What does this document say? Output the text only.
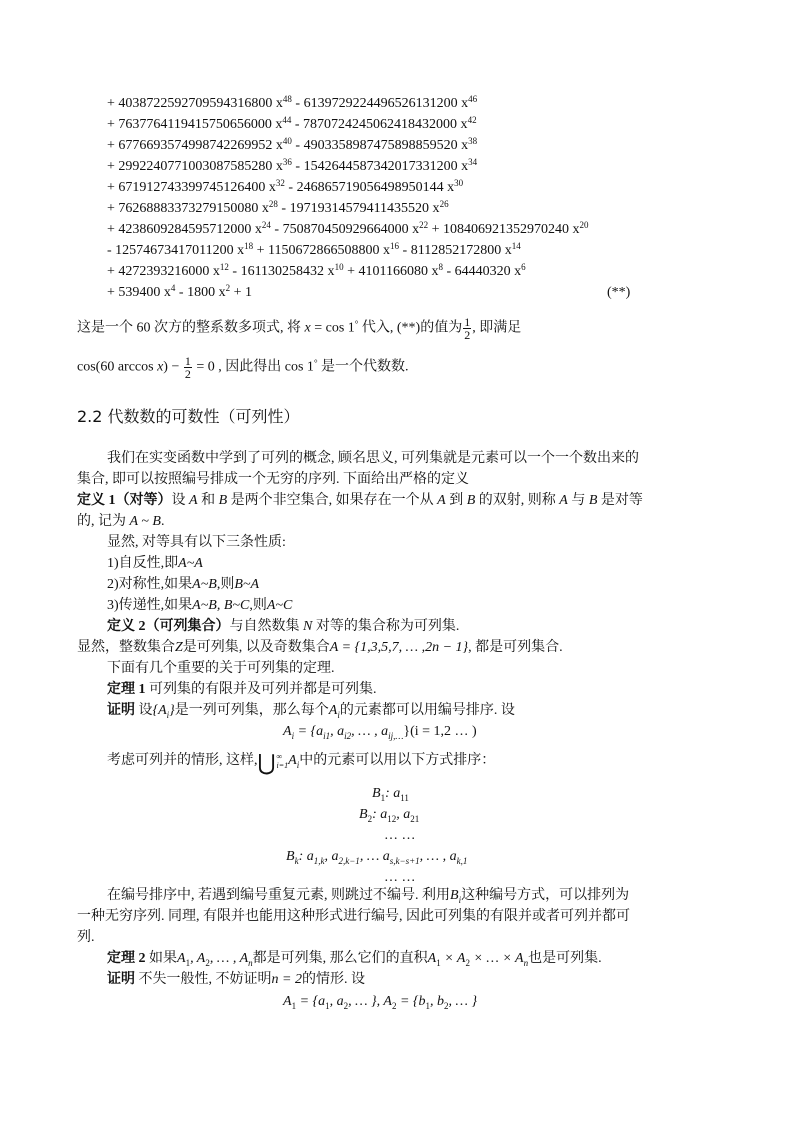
+ 4038722592709594316800 $x^{48} - 6139729224496526131200$ $x^{46}$
+ 7637764119415750656000 $x^{44} - 7870724245062418432000$ $x^{42}$
+ 6776693574998742269952 $x^{40} - 4903358987475898859520$ $x^{38}$
+ 2992240771003087585280 $x^{36} - 1542644587342017331200$ $x^{34}$
+ 671912743399745126400 $x^{32} - 246865719056498950144$ $x^{30}$
+ 76268883373279150080 $x^{28} - 19719314579411435520$ $x^{26}$
+ 4238609284595712000 $x^{24} - 750870450929664000$ $x^{22} + 108406921352970240$ $x^{20}$
- 12574673417011200 $x^{18} + 1150672866508800$ $x^{16} - 8112852172800$ $x^{14}$
+ 4272393216000 $x^{12} - 161130258432$ $x^{10} + 4101166080$ $x^8 - 64440320$ $x^6$
+ 539400 $x^4 - 1800$ $x^2 + 1$	(**)
这是一个 60 次方的整系数多项式, 将 x = cos 1° 代入, (**)的值为 $\frac{1}{2}$ , 即满足
cos(60 $\arccos x) - \frac{1}{2} = 0$ , 因此得出 cos 1° 是一个代数数.
2.2 代数数的可数性（可列性）
我们在实变函数中学到了可列的概念, 顾名思义, 可列集就是元素可以一个一个数出来的
集合, 即可以按照编号排成一个无穷的序列. 下面给出严格的定义
定义 1（对等）设 A 和 B 是两个非空集合, 如果存在一个从 A 到 B 的双射, 则称 A 与 B 是对等
的, 记为 A ~ B.
显然, 对等具有以下三条性质:
1)自反性,即A~A
2)对称性,如果A~B,则B~A
3)传递性,如果A~B, B~C,则A~C
定义 2（可列集合）与自然数集 N 对等的集合称为可列集.
显然，整数集合Z是可列集, 以及奇数集合A = {1,3,5,7, … ,2n − 1}, 都是可列集合.
下面有几个重要的关于可列集的定理.
定理 1 可列集的有限并及可列并都是可列集.
证明 设$\{A_i\}$是一列可列集，那么每个$A_i$的元素都可以用编号排序. 设
$A_i = \{a_{i1}$, $a_{i2}$, … , $a_{ij,\dots}\}(i = 1,2$ … )
考虑可列并的情形, 这样, ⋃ ∞
i=1 $A_i$中的元素可以用以下方式排序：
$B_1$: $a_{11}$
$B_2$: $a_{12}$, $a_{21}$
… …
$B_k$: $a_{1,k}$, $a_{2,k-1}$, … $a_{s,k-s+1}$, … , $a_{k,1}$
… …
在编号排序中, 若遇到编号重复元素, 则跳过不编号. 利用$B_i$这种编号方式，可以排列为
一种无穷序列. 同理, 有限并也能用这种形式进行编号, 因此可列集的有限并或者可列并都可
列.
定理 2 如果$A_1$, $A_2$, … , $A_n$都是可列集, 那么它们的直积$A_1 \times A_2$ × … × $A_n$也是可列集.
证明 不失一般性, 不妨证明n = 2的情形. 设
$A_1 = \{a_1$, $a_2$, … }, $A_2 = \{b_1$, $b_2$, … }
